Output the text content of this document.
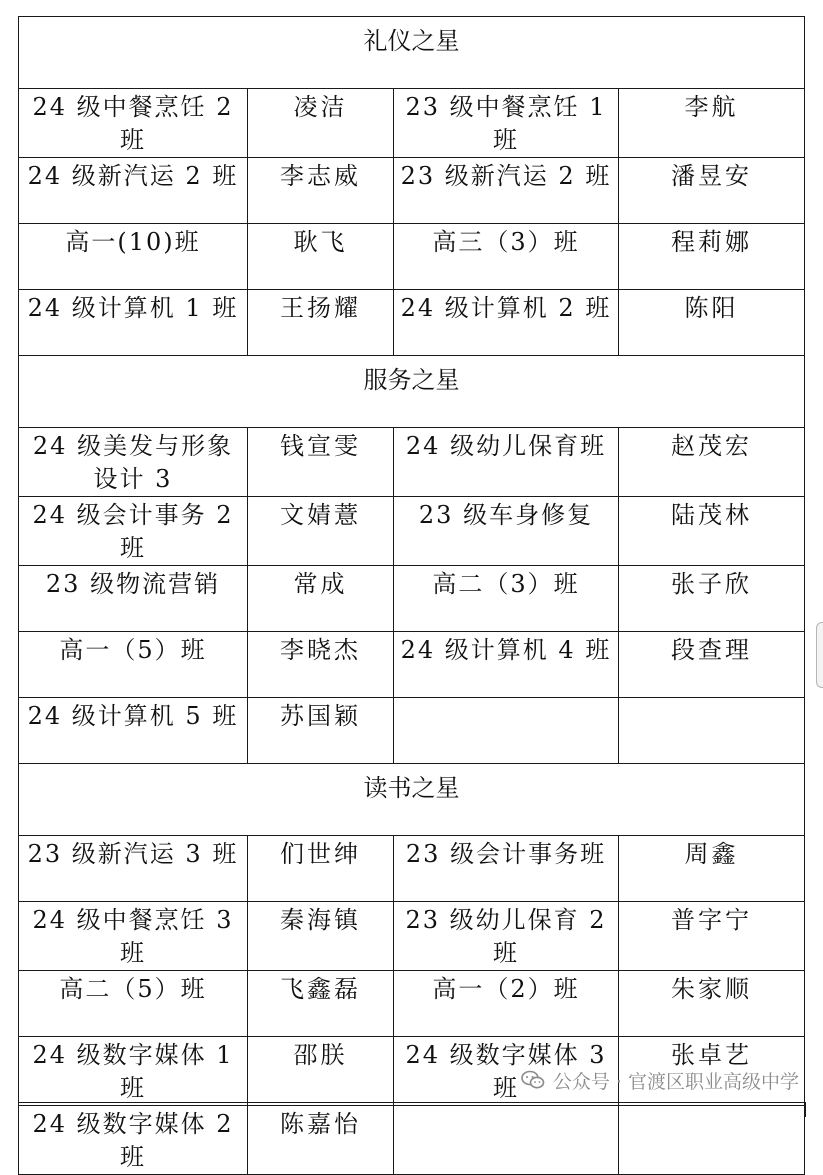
礼仪之星			
24 级中餐烹饪 2 班	凌洁	23 级中餐烹饪 1 班	李航
24 级新汽运 2 班	李志威	23 级新汽运 2 班	潘昱安
高一(10)班	耿飞	高三（3）班	程莉娜
24 级计算机 1 班	王扬耀	24 级计算机 2 班	陈阳
服务之星			
24 级美发与形象设计 3	钱宣雯	24 级幼儿保育班	赵茂宏
24 级会计事务 2 班	文婧薏	23 级车身修复	陆茂林
23 级物流营销	常成	高二（3）班	张子欣
高一（5）班	李晓杰	24 级计算机 4 班	段查理
24 级计算机 5 班	苏国颖		
读书之星			
23 级新汽运 3 班	们世绅	23 级会计事务班	周鑫
24 级中餐烹饪 3 班	秦海镇	23 级幼儿保育 2 班	普字宁
高二（5）班	飞鑫磊	高一（2）班	朱家顺
24 级数字媒体 1 班	邵朕	24 级数字媒体 3 班	张卓艺
24 级数字媒体 2 班	陈嘉怡		
公众号 · 官渡区职业高级中学
